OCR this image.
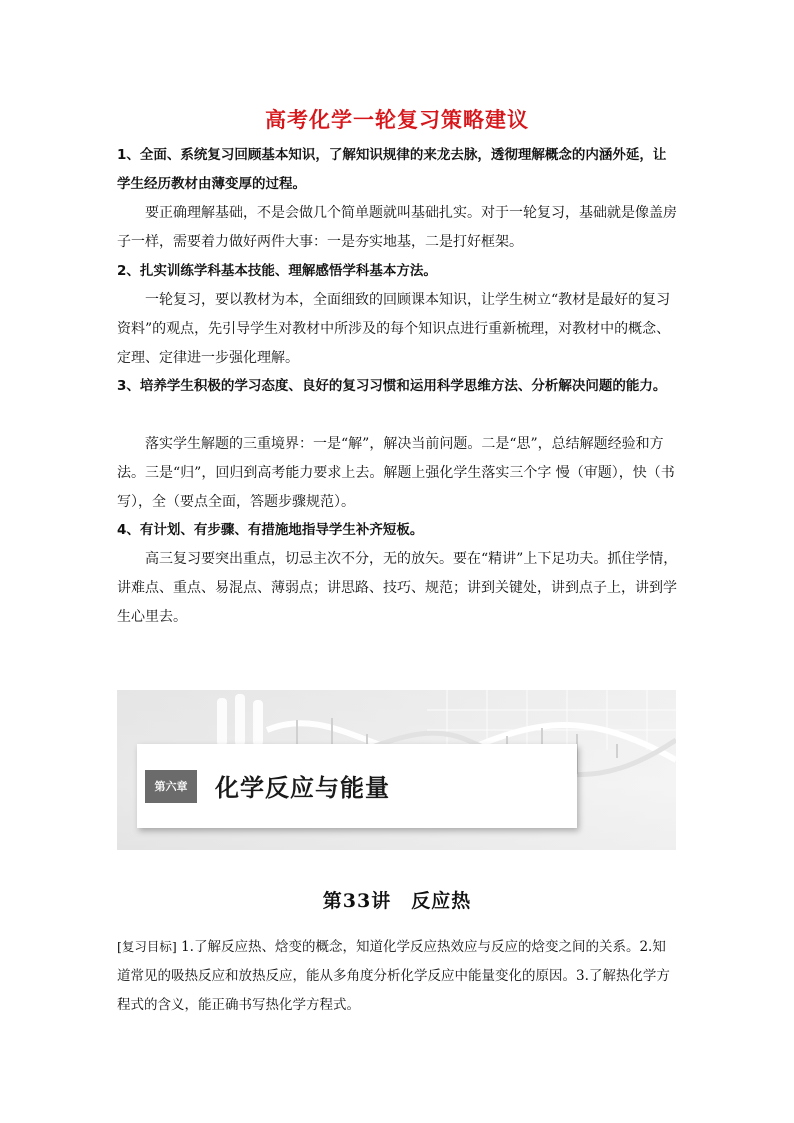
高考化学一轮复习策略建议

1、全面、系统复习回顾基本知识，了解知识规律的来龙去脉，透彻理解概念的内涵外延，让学生经历教材由薄变厚的过程。

要正确理解基础，不是会做几个简单题就叫基础扎实。对于一轮复习，基础就是像盖房子一样，需要着力做好两件大事：一是夯实地基，二是打好框架。

2、扎实训练学科基本技能、理解感悟学科基本方法。

一轮复习，要以教材为本，全面细致的回顾课本知识，让学生树立“教材是最好的复习资料”的观点，先引导学生对教材中所涉及的每个知识点进行重新梳理，对教材中的概念、定理、定律进一步强化理解。

3、培养学生积极的学习态度、良好的复习习惯和运用科学思维方法、分析解决问题的能力。

落实学生解题的三重境界：一是“解”，解决当前问题。二是“思”，总结解题经验和方法。三是“归”，回归到高考能力要求上去。解题上强化学生落实三个字 慢（审题），快（书写），全（要点全面，答题步骤规范）。

4、有计划、有步骤、有措施地指导学生补齐短板。

高三复习要突出重点，切忌主次不分，无的放矢。要在“精讲”上下足功夫。抓住学情，讲难点、重点、易混点、薄弱点；讲思路、技巧、规范；讲到关键处，讲到点子上，讲到学生心里去。

第六章	化学反应与能量
第33讲　反应热

[复习目标] 1.了解反应热、焓变的概念，知道化学反应热效应与反应的焓变之间的关系。2.知道常见的吸热反应和放热反应，能从多角度分析化学反应中能量变化的原因。3.了解热化学方程式的含义，能正确书写热化学方程式。
